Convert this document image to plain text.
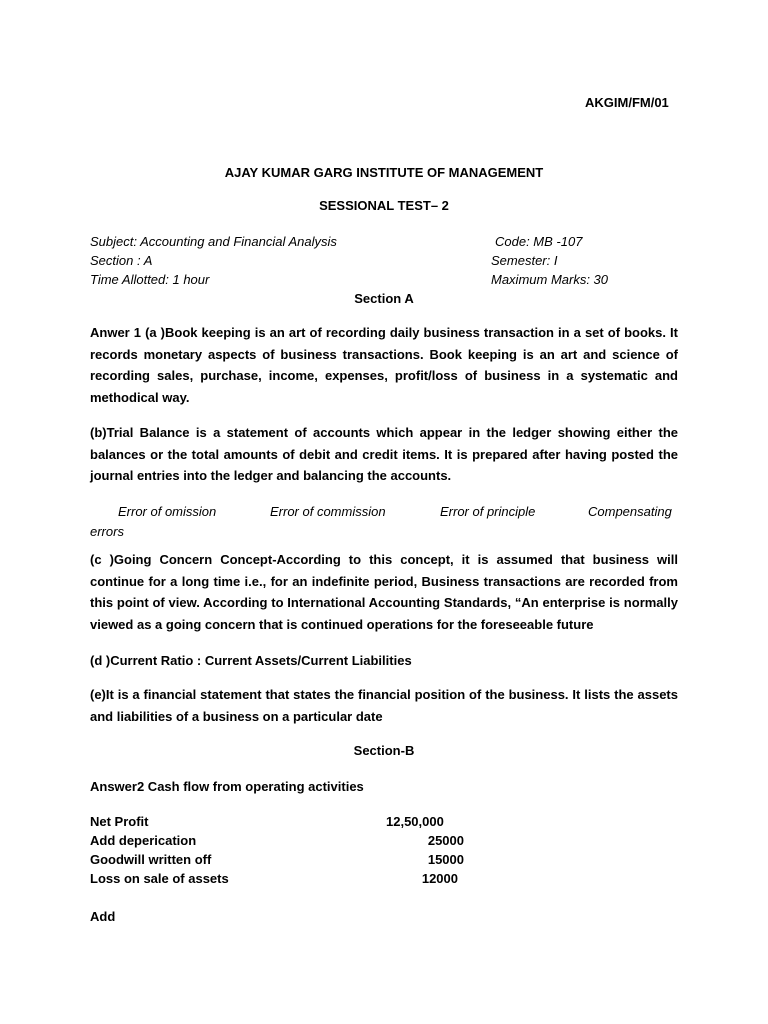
AKGIM/FM/01
AJAY KUMAR GARG INSTITUTE OF MANAGEMENT
SESSIONAL TEST– 2
Subject: Accounting and Financial Analysis	Code: MB -107
Section : A	Semester: I
Time Allotted: 1 hour	Maximum Marks: 30
Section A
Anwer 1 (a )Book keeping is an art of recording daily business transaction in a set of books. It records monetary aspects of business transactions. Book keeping is an art and science of recording sales, purchase, income, expenses, profit/loss of business in a systematic and methodical way.
(b)Trial Balance is a statement of accounts which appear in the ledger showing either the balances or the total amounts of debit and credit items. It is prepared after having posted the journal entries into the ledger and balancing the accounts.
Error of omission	Error of commission	Error of principle	Compensating
errors
(c )Going Concern Concept-According to this concept, it is assumed that business will continue for a long time i.e., for an indefinite period, Business transactions are recorded from this point of view. According to International Accounting Standards, “An enterprise is normally viewed as a going concern that is continued operations for the foreseeable future
(d )Current Ratio : Current Assets/Current Liabilities
(e)It is a financial statement that states the financial position of the business. It lists the assets and liabilities of a business on a particular date
Section-B
Answer2 Cash flow from operating activities
Net Profit	12,50,000
Add deperication	25000
Goodwill written off	15000
Loss on sale of assets	12000
Add
